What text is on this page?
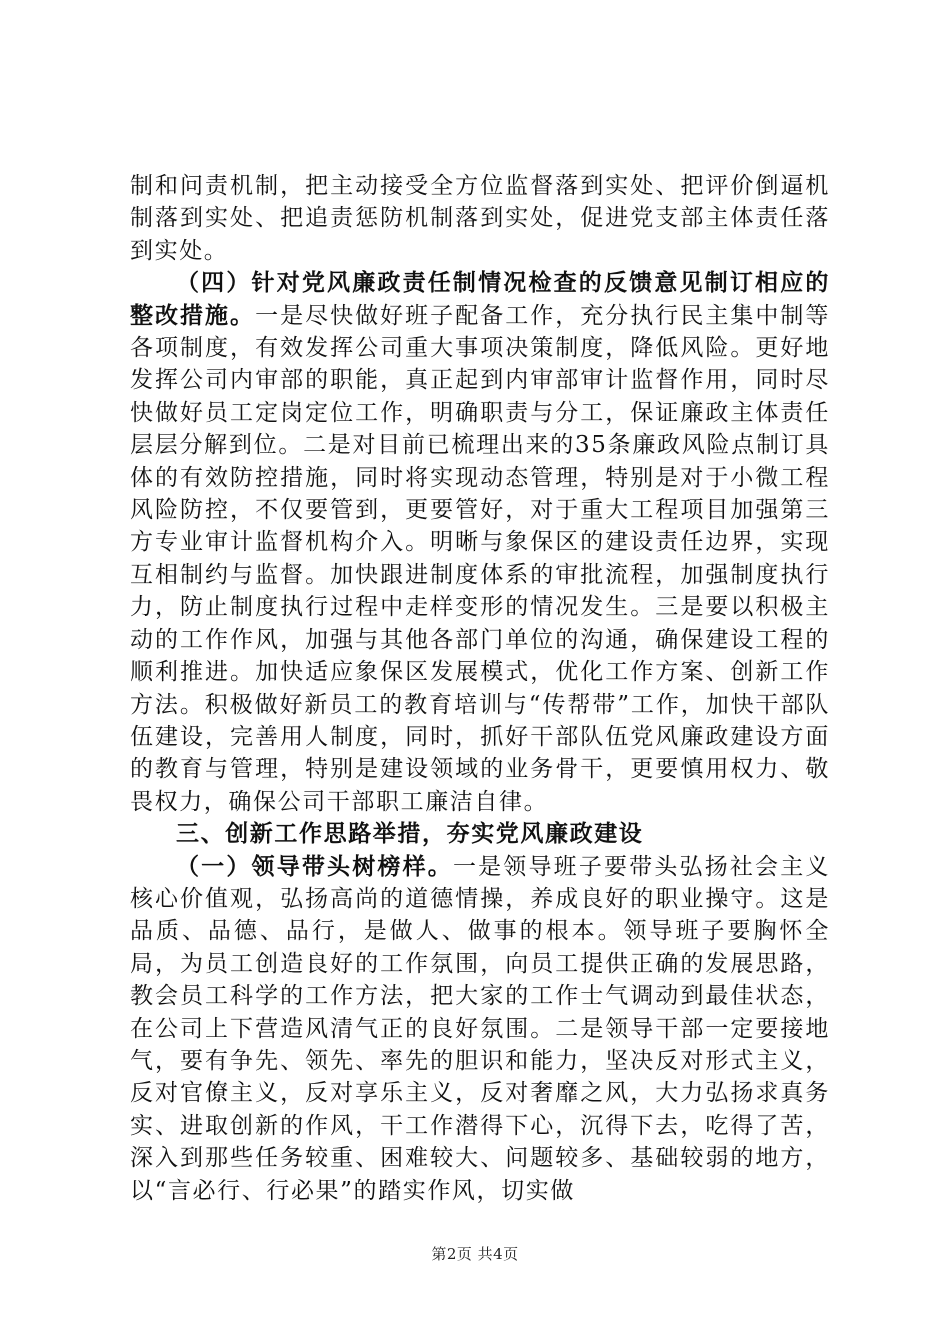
制和问责机制，把主动接受全方位监督落到实处、把评价倒逼机制落到实处、把追责惩防机制落到实处，促进党支部主体责任落到实处。

（四）针对党风廉政责任制情况检查的反馈意见制订相应的整改措施。一是尽快做好班子配备工作，充分执行民主集中制等各项制度，有效发挥公司重大事项决策制度，降低风险。更好地发挥公司内审部的职能，真正起到内审部审计监督作用，同时尽快做好员工定岗定位工作，明确职责与分工，保证廉政主体责任层层分解到位。二是对目前已梳理出来的35条廉政风险点制订具体的有效防控措施，同时将实现动态管理，特别是对于小微工程风险防控，不仅要管到，更要管好，对于重大工程项目加强第三方专业审计监督机构介入。明晰与象保区的建设责任边界，实现互相制约与监督。加快跟进制度体系的审批流程，加强制度执行力，防止制度执行过程中走样变形的情况发生。三是要以积极主动的工作作风，加强与其他各部门单位的沟通，确保建设工程的顺利推进。加快适应象保区发展模式，优化工作方案、创新工作方法。积极做好新员工的教育培训与“传帮带”工作，加快干部队伍建设，完善用人制度，同时，抓好干部队伍党风廉政建设方面的教育与管理，特别是建设领域的业务骨干，更要慎用权力、敬畏权力，确保公司干部职工廉洁自律。

三、创新工作思路举措，夯实党风廉政建设

（一）领导带头树榜样。一是领导班子要带头弘扬社会主义核心价值观，弘扬高尚的道德情操，养成良好的职业操守。这是品质、品德、品行，是做人、做事的根本。领导班子要胸怀全局，为员工创造良好的工作氛围，向员工提供正确的发展思路，教会员工科学的工作方法，把大家的工作士气调动到最佳状态，在公司上下营造风清气正的良好氛围。二是领导干部一定要接地气，要有争先、领先、率先的胆识和能力，坚决反对形式主义，反对官僚主义，反对享乐主义，反对奢靡之风，大力弘扬求真务实、进取创新的作风，干工作潜得下心，沉得下去，吃得了苦，深入到那些任务较重、困难较大、问题较多、基础较弱的地方，以“言必行、行必果”的踏实作风，切实做

第2页 共4页
